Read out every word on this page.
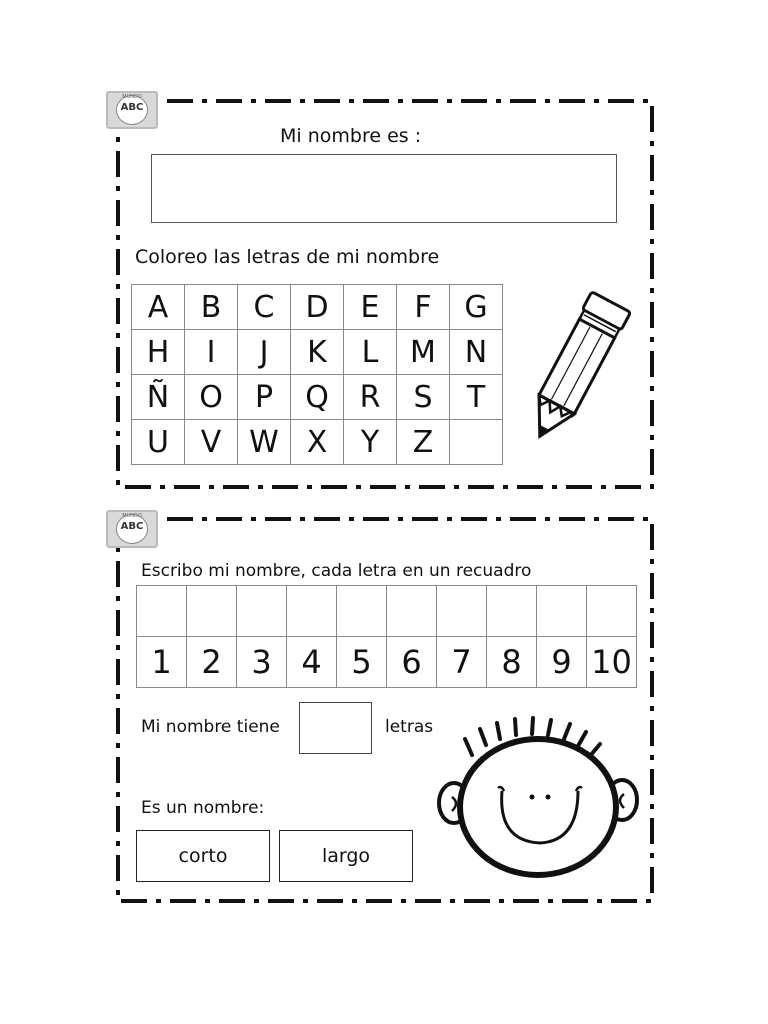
MUNDO
ABC
Mi nombre es :
Coloreo las letras de mi nombre
A	B	C	D	E	F	G
H	I	J	K	L	M	N
Ñ	O	P	Q	R	S	T
U	V	W	X	Y	Z	
MUNDO
ABC
Escribo mi nombre, cada letra en un recuadro

1	2	3	4	5	6	7	8	9	10
Mi nombre tiene	letras
Es un nombre:
corto	largo
